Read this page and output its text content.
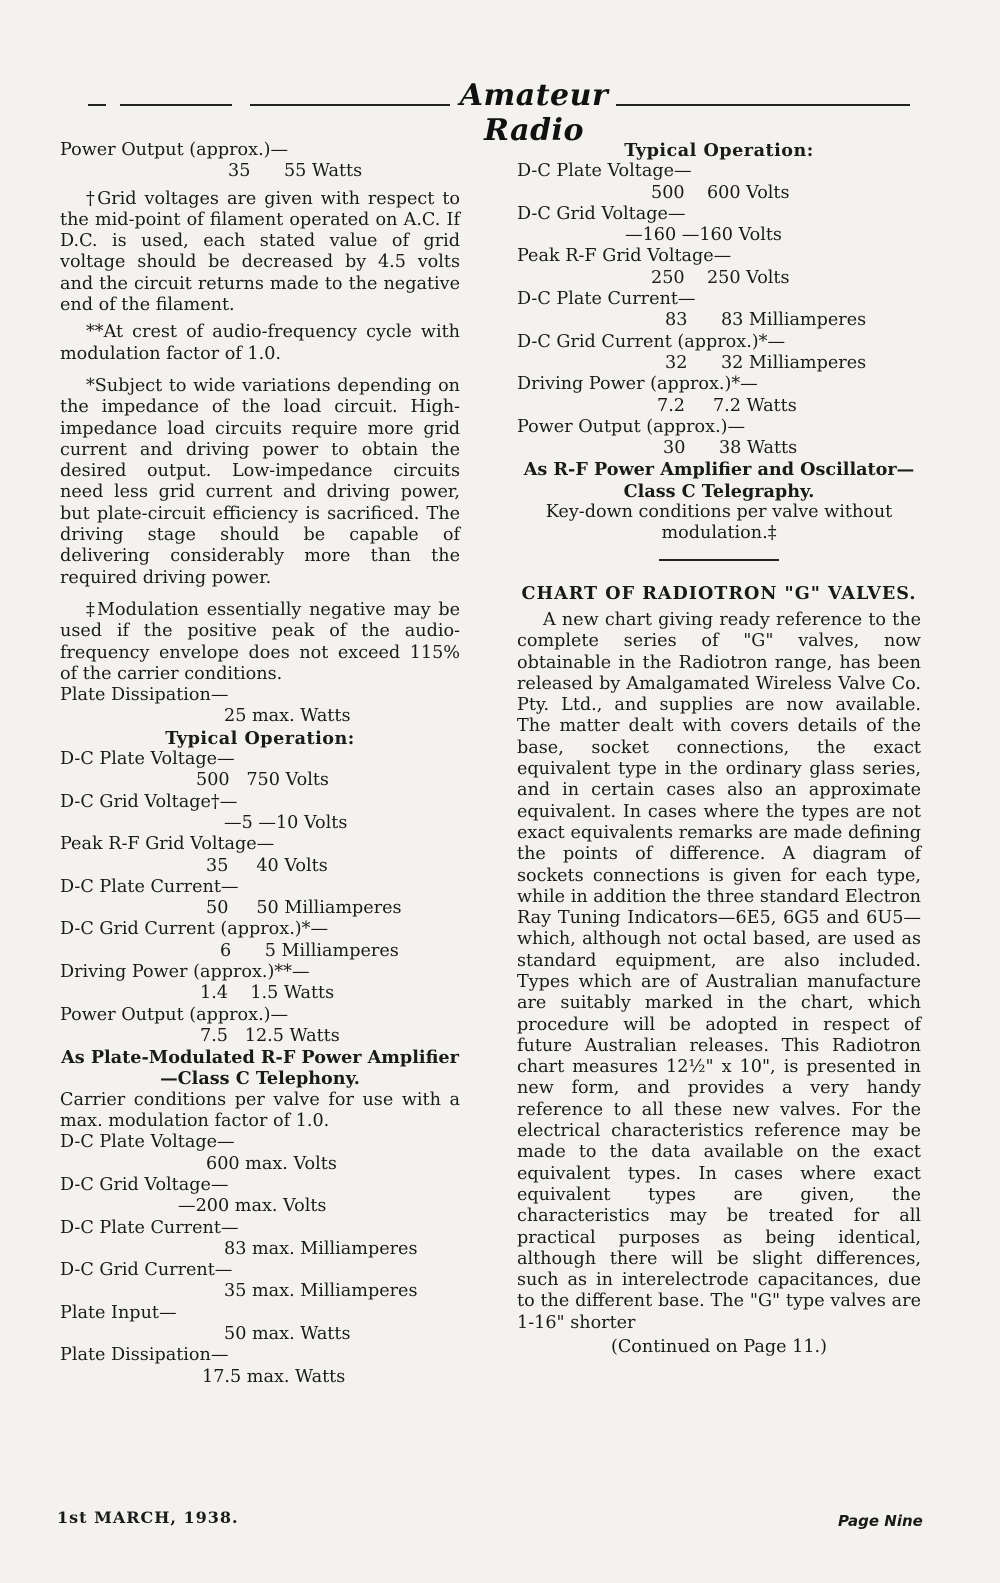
Amateur Radio

Power Output (approx.)—

35      55 Watts

†Grid voltages are given with respect to the mid-point of filament operated on A.C. If D.C. is used, each stated value of grid voltage should be decreased by 4.5 volts and the circuit returns made to the negative end of the filament.

**At crest of audio-frequency cycle with modulation factor of 1.0.

*Subject to wide variations depending on the impedance of the load circuit. High-impedance load circuits require more grid current and driving power to obtain the desired output. Low-impedance circuits need less grid current and driving power, but plate-circuit efficiency is sacrificed. The driving stage should be capable of delivering considerably more than the required driving power.

‡Modulation essentially negative may be used if the positive peak of the audio-frequency envelope does not exceed 115% of the carrier conditions.

Plate Dissipation—

25 max. Watts

Typical Operation:

D-C Plate Voltage—

500   750 Volts

D-C Grid Voltage†—

—5 —10 Volts

Peak R-F Grid Voltage—

35     40 Volts

D-C Plate Current—

50     50 Milliamperes

D-C Grid Current (approx.)*—

6      5 Milliamperes

Driving Power (approx.)**—

1.4    1.5 Watts

Power Output (approx.)—

7.5   12.5 Watts

As Plate-Modulated R-F Power Amplifier—Class C Telephony.

Carrier conditions per valve for use with a max. modulation factor of 1.0.

D-C Plate Voltage—

600 max. Volts

D-C Grid Voltage—

—200 max. Volts

D-C Plate Current—

83 max. Milliamperes

D-C Grid Current—

35 max. Milliamperes

Plate Input—

50 max. Watts

Plate Dissipation—

17.5 max. Watts

Typical Operation:

D-C Plate Voltage—

500    600 Volts

D-C Grid Voltage—

—160 —160 Volts

Peak R-F Grid Voltage—

250    250 Volts

D-C Plate Current—

83      83 Milliamperes

D-C Grid Current (approx.)*—

32      32 Milliamperes

Driving Power (approx.)*—

7.2     7.2 Watts

Power Output (approx.)—

30      38 Watts

As R-F Power Amplifier and Oscillator—Class C Telegraphy.

Key-down conditions per valve without modulation.‡

CHART OF RADIOTRON "G" VALVES.

A new chart giving ready reference to the complete series of "G" valves, now obtainable in the Radiotron range, has been released by Amalgamated Wireless Valve Co. Pty. Ltd., and supplies are now available. The matter dealt with covers details of the base, socket connections, the exact equivalent type in the ordinary glass series, and in certain cases also an approximate equivalent. In cases where the types are not exact equivalents remarks are made defining the points of difference. A diagram of sockets connections is given for each type, while in addition the three standard Electron Ray Tuning Indicators—6E5, 6G5 and 6U5—which, although not octal based, are used as standard equipment, are also included. Types which are of Australian manufacture are suitably marked in the chart, which procedure will be adopted in respect of future Australian releases. This Radiotron chart measures 12½" x 10", is presented in new form, and provides a very handy reference to all these new valves. For the electrical characteristics reference may be made to the data available on the exact equivalent types. In cases where exact equivalent types are given, the characteristics may be treated for all practical purposes as being identical, although there will be slight differences, such as in interelectrode capacitances, due to the different base. The "G" type valves are 1-16" shorter

(Continued on Page 11.)

1st MARCH, 1938.	Page Nine
